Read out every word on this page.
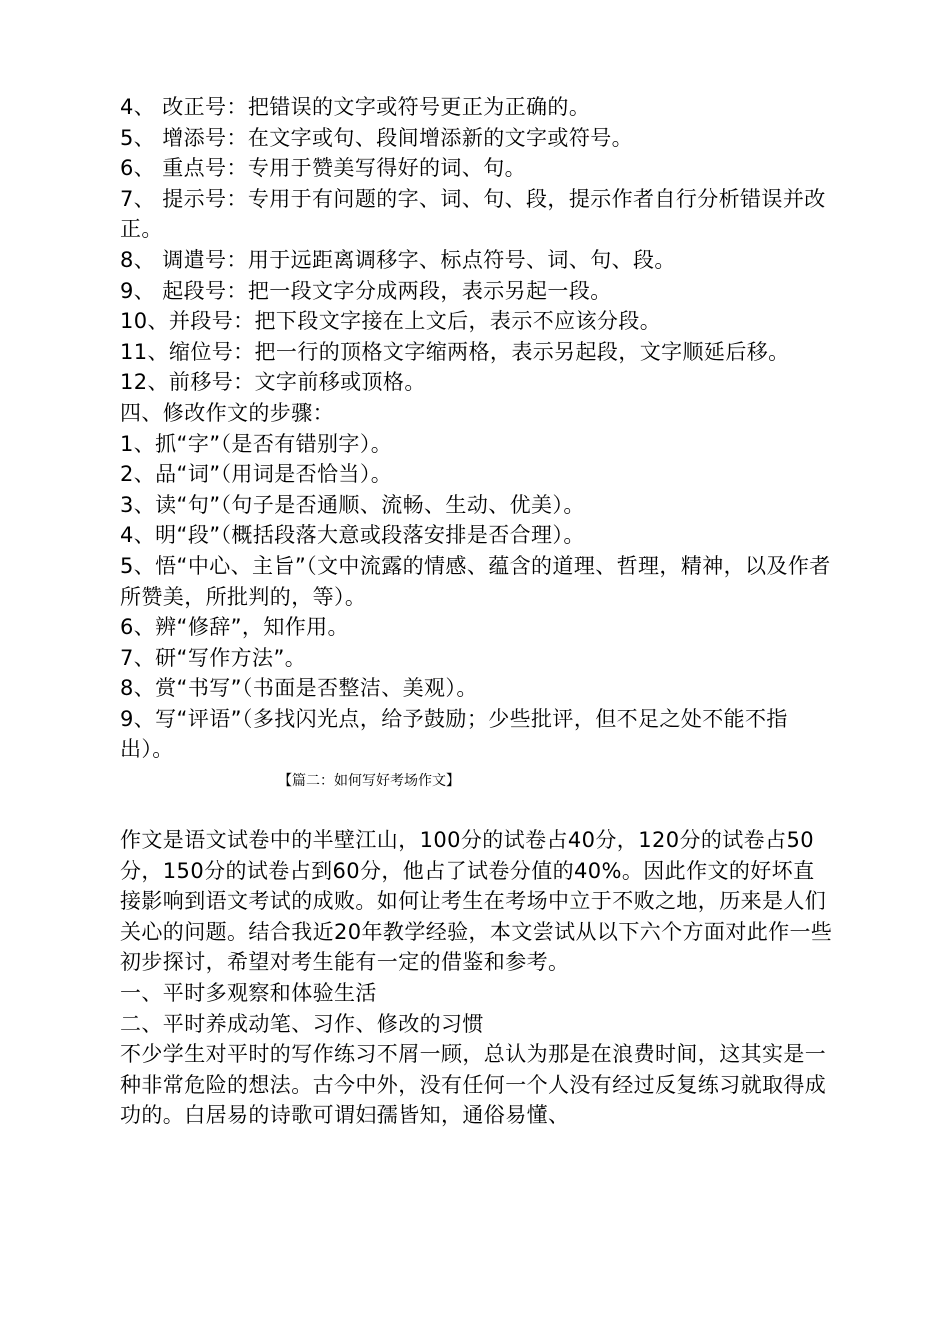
4、 改正号：把错误的文字或符号更正为正确的。
5、 增添号：在文字或句、段间增添新的文字或符号。
6、 重点号：专用于赞美写得好的词、句。
7、 提示号：专用于有问题的字、词、句、段，提示作者自行分析错误并改正。
8、 调遣号：用于远距离调移字、标点符号、词、句、段。
9、 起段号：把一段文字分成两段，表示另起一段。
10、并段号：把下段文字接在上文后，表示不应该分段。
11、缩位号：把一行的顶格文字缩两格，表示另起段，文字顺延后移。
12、前移号：文字前移或顶格。
四、修改作文的步骤：
1、抓“字”（是否有错别字）。
2、品“词”（用词是否恰当）。
3、读“句”（句子是否通顺、流畅、生动、优美）。
4、明“段”（概括段落大意或段落安排是否合理）。
5、悟“中心、主旨”（文中流露的情感、蕴含的道理、哲理，精神，以及作者所赞美，所批判的，等）。
6、辨“修辞”，知作用。
7、研“写作方法”。
8、赏“书写”（书面是否整洁、美观）。
9、写“评语”（多找闪光点，给予鼓励；少些批评，但不足之处不能不指出）。
【篇二：如何写好考场作文】
作文是语文试卷中的半壁江山，100分的试卷占40分，120分的试卷占50分，150分的试卷占到60分，他占了试卷分值的40%。因此作文的好坏直接影响到语文考试的成败。如何让考生在考场中立于不败之地，历来是人们关心的问题。结合我近20年教学经验，本文尝试从以下六个方面对此作一些初步探讨，希望对考生能有一定的借鉴和参考。
一、平时多观察和体验生活
二、平时养成动笔、习作、修改的习惯
不少学生对平时的写作练习不屑一顾，总认为那是在浪费时间，这其实是一种非常危险的想法。古今中外，没有任何一个人没有经过反复练习就取得成功的。白居易的诗歌可谓妇孺皆知，通俗易懂、
